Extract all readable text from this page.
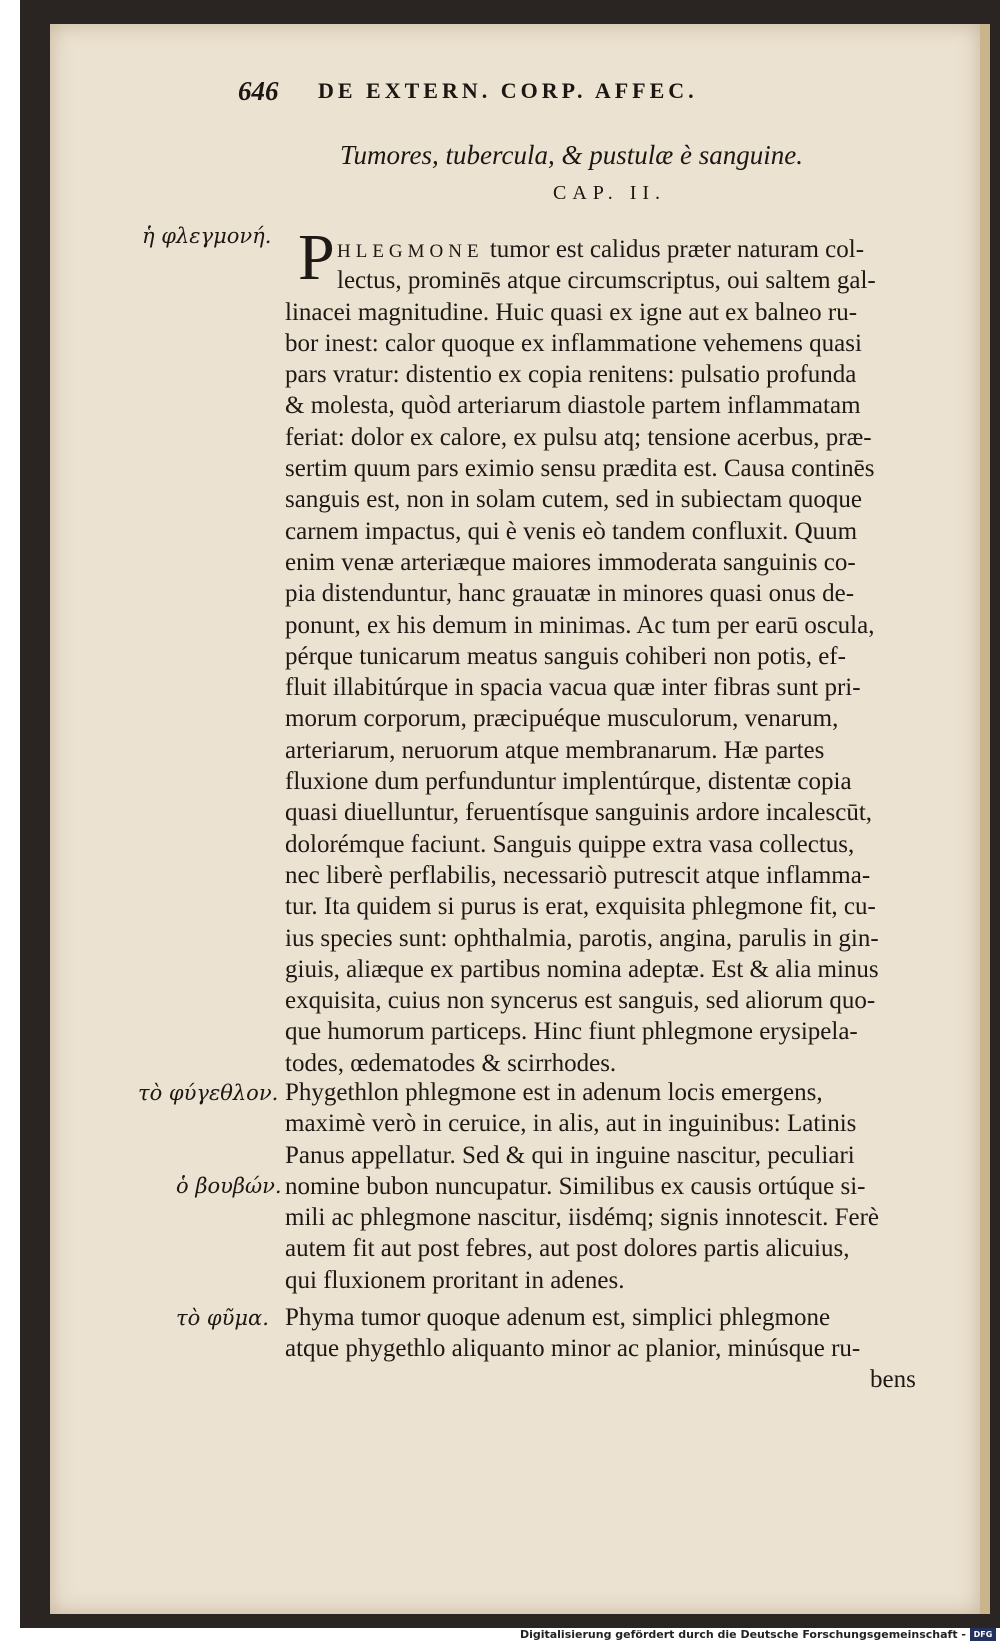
646 DE EXTERN. CORP. AFFEC.
Tumores, tubercula, & pustulæ è sanguine.
CAP. II.
ἡ φλεγμονή.
τὸ φύγεθλον.
ὁ βουβών.
τὸ φῦμα.
P HLEGMONE tumor est calidus præter naturam col-
lectus, prominēs atque circumscriptus, oui saltem gal-
linacei magnitudine. Huic quasi ex igne aut ex balneo ru-
bor inest: calor quoque ex inflammatione vehemens quasi
pars vratur: distentio ex copia renitens: pulsatio profunda
& molesta, quòd arteriarum diastole partem inflammatam
feriat: dolor ex calore, ex pulsu atq; tensione acerbus, præ-
sertim quum pars eximio sensu prædita est. Causa continēs
sanguis est, non in solam cutem, sed in subiectam quoque
carnem impactus, qui è venis eò tandem confluxit. Quum
enim venæ arteriæque maiores immoderata sanguinis co-
pia distenduntur, hanc grauatæ in minores quasi onus de-
ponunt, ex his demum in minimas. Ac tum per earū oscula,
pérque tunicarum meatus sanguis cohiberi non potis, ef-
fluit illabitúrque in spacia vacua quæ inter fibras sunt pri-
morum corporum, præcipuéque musculorum, venarum,
arteriarum, neruorum atque membranarum. Hæ partes
fluxione dum perfunduntur implentúrque, distentæ copia
quasi diuelluntur, feruentísque sanguinis ardore incalescūt,
dolorémque faciunt. Sanguis quippe extra vasa collectus,
nec liberè perflabilis, necessariò putrescit atque inflamma-
tur. Ita quidem si purus is erat, exquisita phlegmone fit, cu-
ius species sunt: ophthalmia, parotis, angina, parulis in gin-
giuis, aliæque ex partibus nomina adeptæ. Est & alia minus
exquisita, cuius non syncerus est sanguis, sed aliorum quo-
que humorum particeps. Hinc fiunt phlegmone erysipela-
todes, œdematodes & scirrhodes.
Phygethlon phlegmone est in adenum locis emergens,
maximè verò in ceruice, in alis, aut in inguinibus: Latinis
Panus appellatur. Sed & qui in inguine nascitur, peculiari
nomine bubon nuncupatur. Similibus ex causis ortúque si-
mili ac phlegmone nascitur, iisdémq; signis innotescit. Ferè
autem fit aut post febres, aut post dolores partis alicuius,
qui fluxionem proritant in adenes.
Phyma tumor quoque adenum est, simplici phlegmone
atque phygethlo aliquanto minor ac planior, minúsque ru-
bens
Digitalisierung gefördert durch die Deutsche Forschungsgemeinschaft - DFG
